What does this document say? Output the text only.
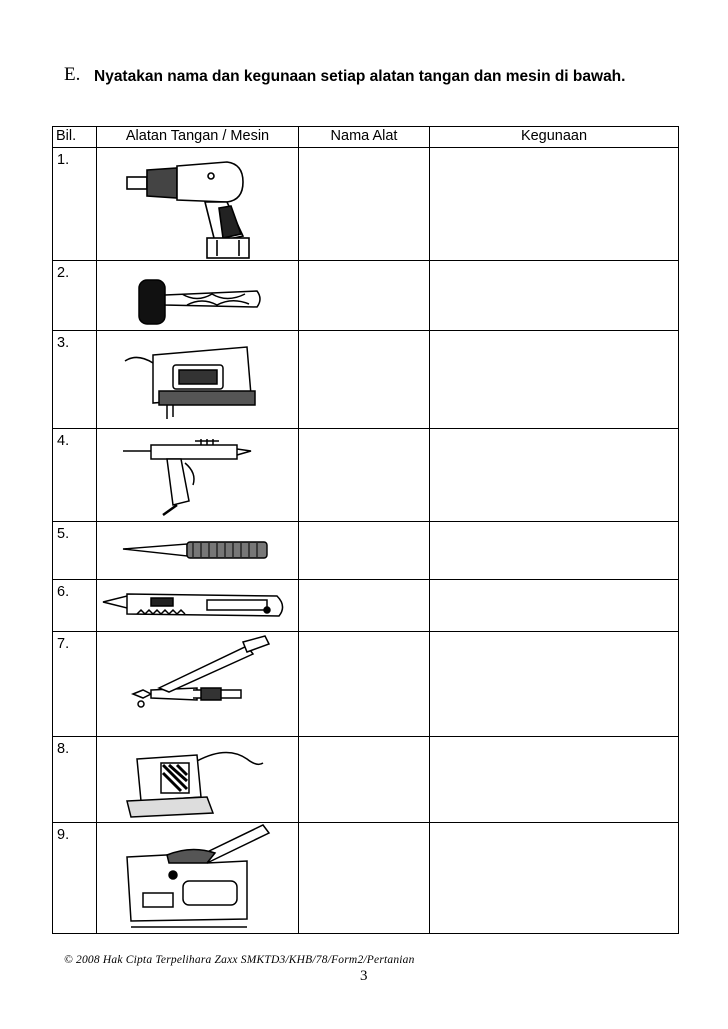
E. Nyatakan nama dan kegunaan setiap alatan tangan dan mesin di bawah.
Bil.	Alatan Tangan / Mesin	Nama Alat	Kegunaan
1.	

2.	

3.	

4.	

5.	

6.	

7.	

8.	

9.	

© 2008 Hak Cipta Terpelihara Zaxx SMKTD3/KHB/78/Form2/Pertanian
3
